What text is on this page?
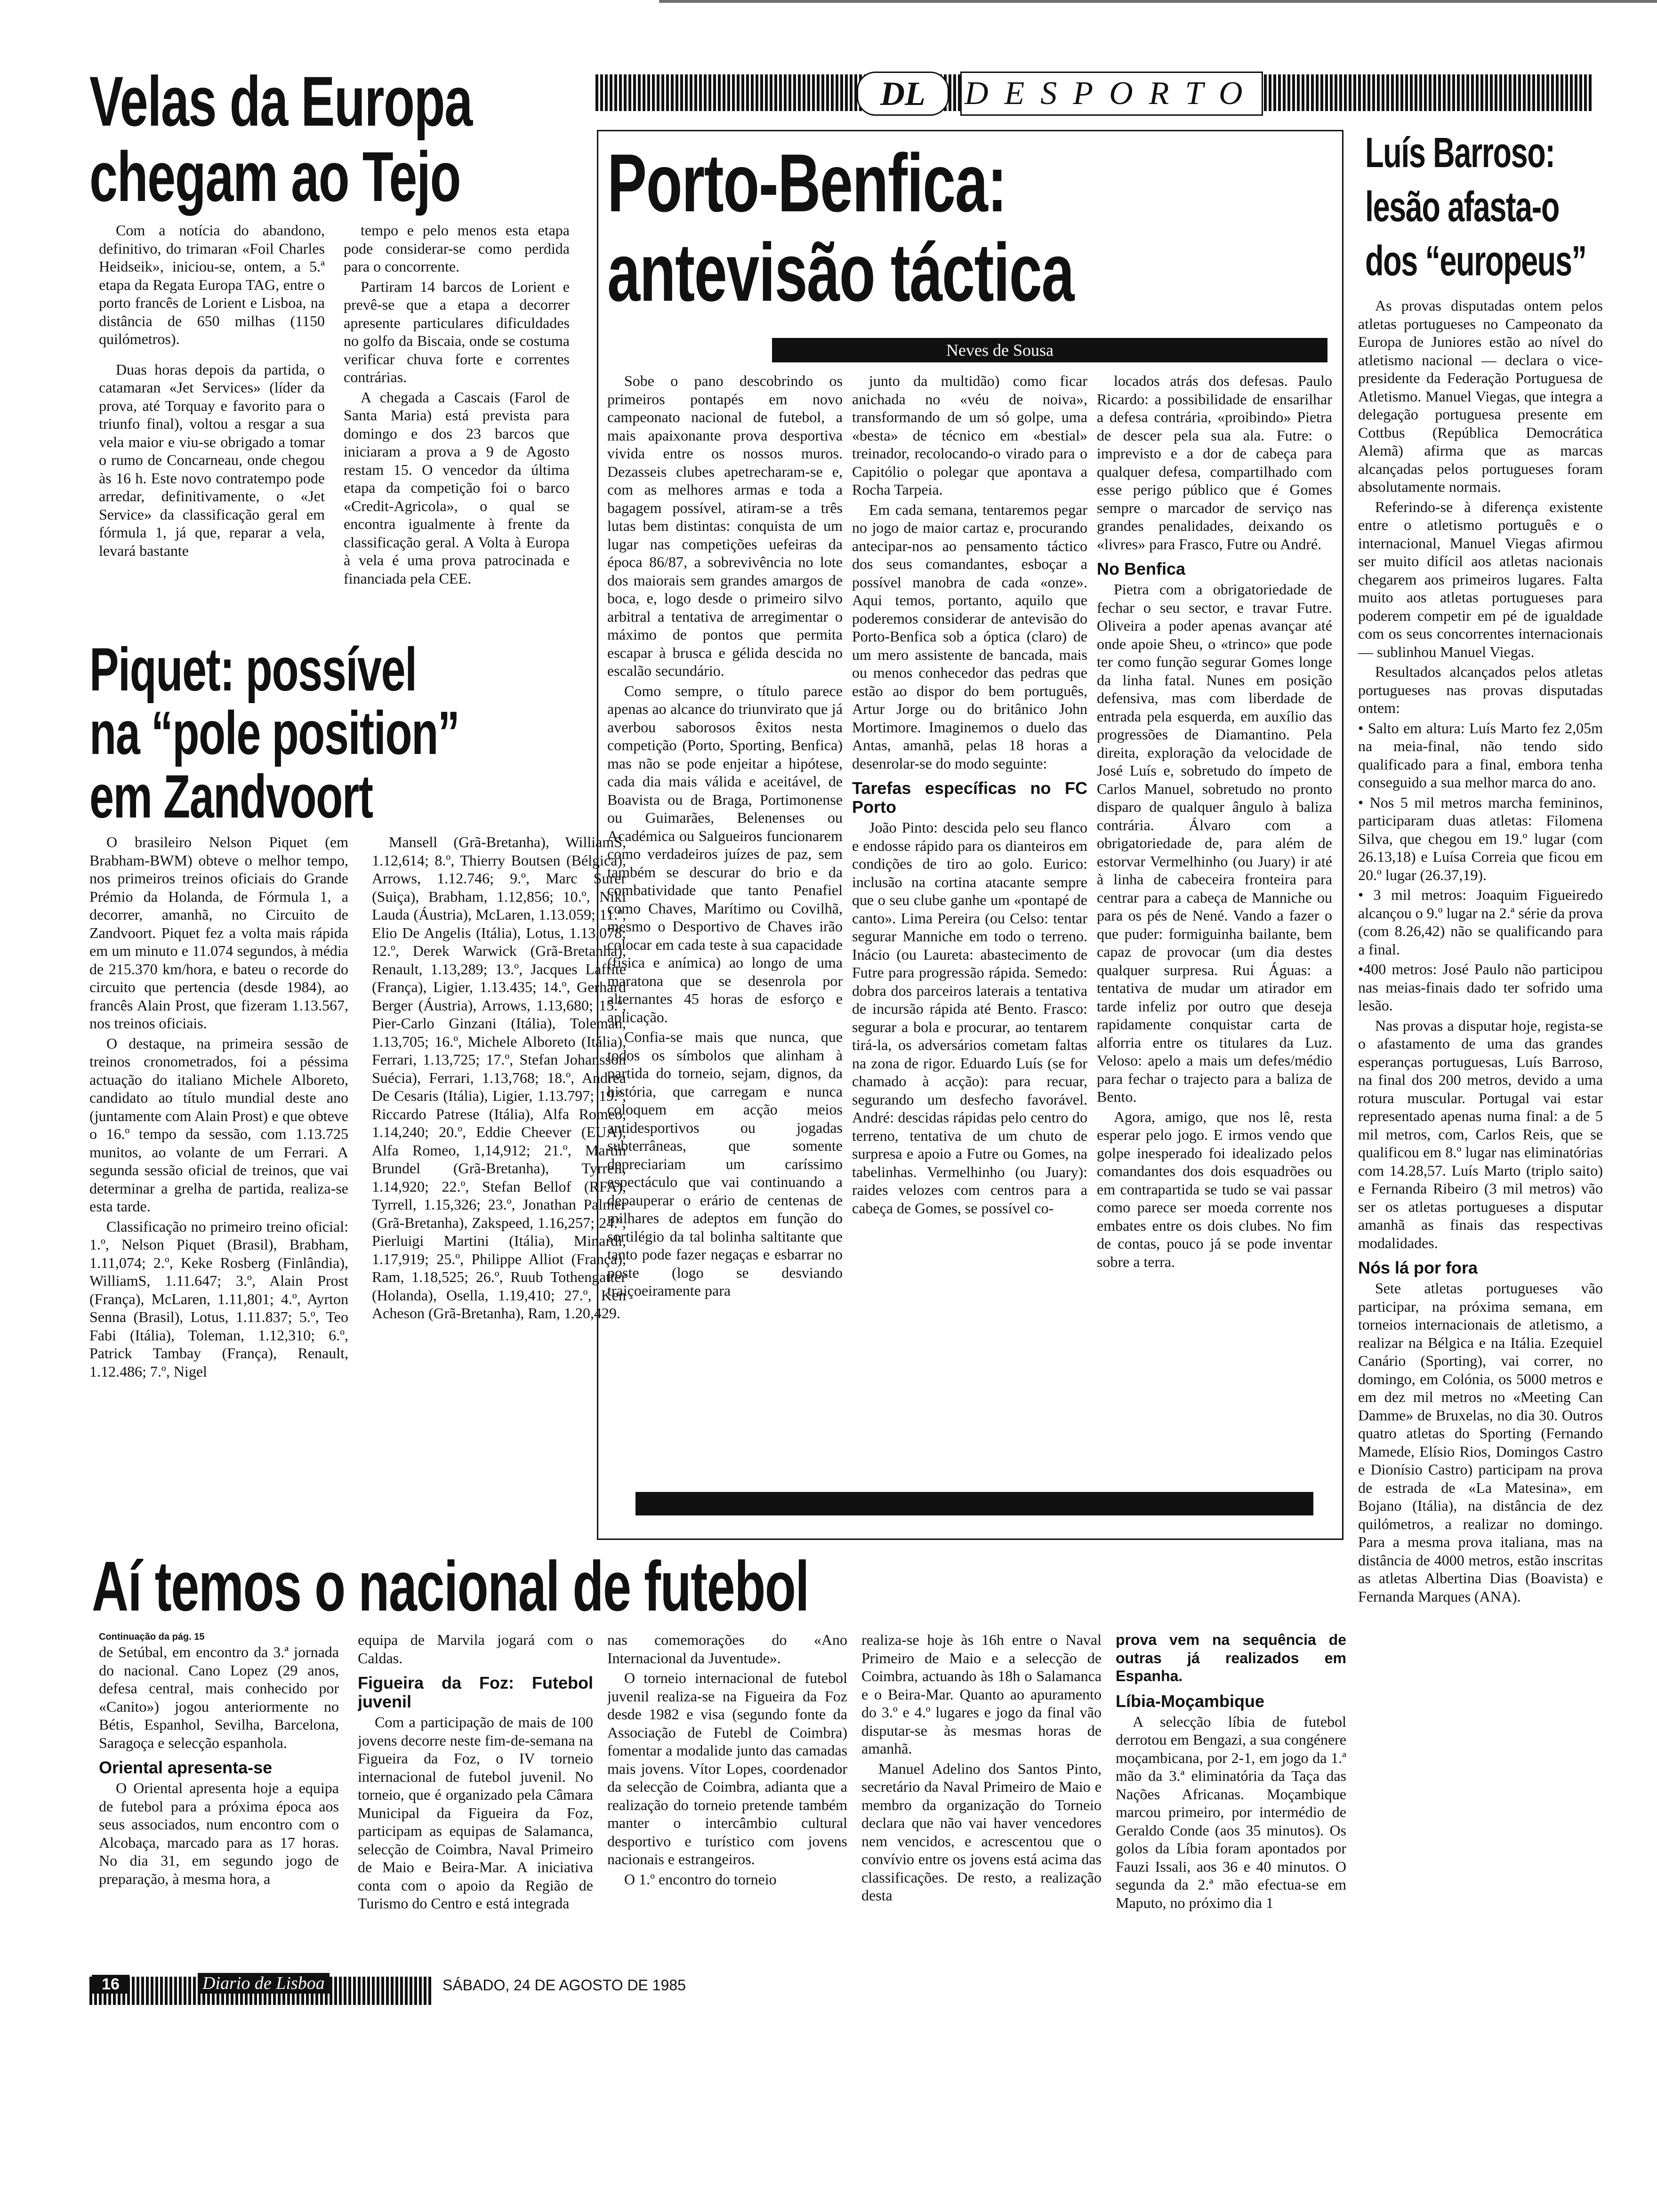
Velas da Europa
chegam ao Tejo

Com a notícia do abandono, definitivo, do trimaran «Foil Charles Heidseik», iniciou-se, ontem, a 5.ª etapa da Regata Europa TAG, entre o porto francês de Lorient e Lisboa, na distância de 650 milhas (1150 quilómetros).

Duas horas depois da partida, o catamaran «Jet Services» (líder da prova, até Torquay e favorito para o triunfo final), voltou a resgar a sua vela maior e viu-se obrigado a tomar o rumo de Concarneau, onde chegou às 16 h. Este novo contratempo pode arredar, definitivamente, o «Jet Service» da classificação geral em fórmula 1, já que, reparar a vela, levará bastante

tempo e pelo menos esta etapa pode considerar-se como perdida para o concorrente.

Partiram 14 barcos de Lorient e prevê-se que a etapa a decorrer apresente particulares dificuldades no golfo da Biscaia, onde se costuma verificar chuva forte e correntes contrárias.

A chegada a Cascais (Farol de Santa Maria) está prevista para domingo e dos 23 barcos que iniciaram a prova a 9 de Agosto restam 15. O vencedor da última etapa da competição foi o barco «Credit-Agricola», o qual se encontra igualmente à frente da classificação geral. A Volta à Europa à vela é uma prova patrocinada e financiada pela CEE.

Piquet: possível
na “pole position”
em Zandvoort

O brasileiro Nelson Piquet (em Brabham-BWM) obteve o melhor tempo, nos primeiros treinos oficiais do Grande Prémio da Holanda, de Fórmula 1, a decorrer, amanhã, no Circuito de Zandvoort. Piquet fez a volta mais rápida em um minuto e 11.074 segundos, à média de 215.370 km/hora, e bateu o recorde do circuito que pertencia (desde 1984), ao francês Alain Prost, que fizeram 1.13.567, nos treinos oficiais.

O destaque, na primeira sessão de treinos cronometrados, foi a péssima actuação do italiano Michele Alboreto, candidato ao título mundial deste ano (juntamente com Alain Prost) e que obteve o 16.º tempo da sessão, com 1.13.725 munitos, ao volante de um Ferrari. A segunda sessão oficial de treinos, que vai determinar a grelha de partida, realiza-se esta tarde.

Classificação no primeiro treino oficial: 1.º, Nelson Piquet (Brasil), Brabham, 1.11,074; 2.º, Keke Rosberg (Finlândia), WilliamS, 1.11.647; 3.º, Alain Prost (França), McLaren, 1.11,801; 4.º, Ayrton Senna (Brasil), Lotus, 1.11.837; 5.º, Teo Fabi (Itália), Toleman, 1.12,310; 6.º, Patrick Tambay (França), Renault, 1.12.486; 7.º, Nigel

Mansell (Grã-Bretanha), WilliamS, 1.12,614; 8.º, Thierry Boutsen (Bélgica), Arrows, 1.12.746; 9.º, Marc Surer (Suiça), Brabham, 1.12,856; 10.º, Niki Lauda (Áustria), McLaren, 1.13.059; 11.º, Elio De Angelis (Itália), Lotus, 1.13,078; 12.º, Derek Warwick (Grã-Bretanha), Renault, 1.13,289; 13.º, Jacques Laffite (França), Ligier, 1.13.435; 14.º, Gerhard Berger (Áustria), Arrows, 1.13,680; 15.º, Pier-Carlo Ginzani (Itália), Toleman, 1.13,705; 16.º, Michele Alboreto (Itália), Ferrari, 1.13,725; 17.º, Stefan Johansson Suécia), Ferrari, 1.13,768; 18.º, Andrea De Cesaris (Itália), Ligier, 1.13.797; 19.º, Riccardo Patrese (Itália), Alfa Romeo, 1.14,240; 20.º, Eddie Cheever (EUA), Alfa Romeo, 1,14,912; 21.º, Martin Brundel (Grã-Bretanha), Tyrrell, 1.14,920; 22.º, Stefan Bellof (RFA), Tyrrell, 1.15,326; 23.º, Jonathan Palmer (Grã-Bretanha), Zakspeed, 1.16,257; 24.º, Pierluigi Martini (Itália), Minardi, 1.17,919; 25.º, Philippe Alliot (França), Ram, 1.18,525; 26.º, Ruub Tothengatter (Holanda), Osella, 1.19,410; 27.º, Ken Acheson (Grã-Bretanha), Ram, 1.20,429.

DL	DESPORTO
Porto-Benfica:
antevisão táctica
Neves de Sousa

Sobe o pano descobrindo os primeiros pontapés em novo campeonato nacional de futebol, a mais apaixonante prova desportiva vivida entre os nossos muros. Dezasseis clubes apetrecharam-se e, com as melhores armas e toda a bagagem possível, atiram-se a três lutas bem distintas: conquista de um lugar nas competições uefeiras da época 86/87, a sobrevivência no lote dos maiorais sem grandes amargos de boca, e, logo desde o primeiro silvo arbitral a tentativa de arregimentar o máximo de pontos que permita escapar à brusca e gélida descida no escalão secundário.

Como sempre, o título parece apenas ao alcance do triunvirato que já averbou saborosos êxitos nesta competição (Porto, Sporting, Benfica) mas não se pode enjeitar a hipótese, cada dia mais válida e aceitável, de Boavista ou de Braga, Portimonense ou Guimarães, Belenenses ou Académica ou Salgueiros funcionarem como verdadeiros juízes de paz, sem também se descurar do brio e da combatividade que tanto Penafiel como Chaves, Marítimo ou Covilhã, mesmo o Desportivo de Chaves irão colocar em cada teste à sua capacidade (física e anímica) ao longo de uma maratona que se desenrola por alternantes 45 horas de esforço e aplicação.

Confia-se mais que nunca, que todos os símbolos que alinham à partida do torneio, sejam, dignos, da história, que carregam e nunca coloquem em acção meios antidesportivos ou jogadas subterrâneas, que somente depreciariam um caríssimo espectáculo que vai continuando a depauperar o erário de centenas de milhares de adeptos em função do sortilégio da tal bolinha saltitante que tanto pode fazer negaças e esbarrar no poste (logo se desviando traiçoeiramente para

junto da multidão) como ficar anichada no «véu de noiva», transformando de um só golpe, uma «besta» de técnico em «bestial» treinador, recolocando-o virado para o Capitólio o polegar que apontava a Rocha Tarpeia.

Em cada semana, tentaremos pegar no jogo de maior cartaz e, procurando antecipar-nos ao pensamento táctico dos seus comandantes, esboçar a possível manobra de cada «onze». Aqui temos, portanto, aquilo que poderemos considerar de antevisão do Porto-Benfica sob a óptica (claro) de um mero assistente de bancada, mais ou menos conhecedor das pedras que estão ao dispor do bem português, Artur Jorge ou do britânico John Mortimore. Imaginemos o duelo das Antas, amanhã, pelas 18 horas a desenrolar-se do modo seguinte:

Tarefas específicas no FC Porto

João Pinto: descida pelo seu flanco e endosse rápido para os dianteiros em condições de tiro ao golo. Eurico: inclusão na cortina atacante sempre que o seu clube ganhe um «pontapé de canto». Lima Pereira (ou Celso: tentar segurar Manniche em todo o terreno. Inácio (ou Laureta: abastecimento de Futre para progressão rápida. Semedo: dobra dos parceiros laterais a tentativa de incursão rápida até Bento. Frasco: segurar a bola e procurar, ao tentarem tirá-la, os adversários cometam faltas na zona de rigor. Eduardo Luís (se for chamado à acção): para recuar, segurando um desfecho favorável. André: descidas rápidas pelo centro do terreno, tentativa de um chuto de surpresa e apoio a Futre ou Gomes, na tabelinhas. Vermelhinho (ou Juary): raides velozes com centros para a cabeça de Gomes, se possível co-

locados atrás dos defesas. Paulo Ricardo: a possibilidade de ensarilhar a defesa contrária, «proibindo» Pietra de descer pela sua ala. Futre: o imprevisto e a dor de cabeça para qualquer defesa, compartilhado com esse perigo público que é Gomes sempre o marcador de serviço nas grandes penalidades, deixando os «livres» para Frasco, Futre ou André.

No Benfica

Pietra com a obrigatoriedade de fechar o seu sector, e travar Futre. Oliveira a poder apenas avançar até onde apoie Sheu, o «trinco» que pode ter como função segurar Gomes longe da linha fatal. Nunes em posição defensiva, mas com liberdade de entrada pela esquerda, em auxílio das progressões de Diamantino. Pela direita, exploração da velocidade de José Luís e, sobretudo do ímpeto de Carlos Manuel, sobretudo no pronto disparo de qualquer ângulo à baliza contrária. Álvaro com a obrigatoriedade de, para além de estorvar Vermelhinho (ou Juary) ir até à linha de cabeceira fronteira para centrar para a cabeça de Manniche ou para os pés de Nené. Vando a fazer o que puder: formiguinha bailante, bem capaz de provocar (um dia destes qualquer surpresa. Rui Águas: a tentativa de mudar um atirador em tarde infeliz por outro que deseja rapidamente conquistar carta de alforria entre os titulares da Luz. Veloso: apelo a mais um defes/médio para fechar o trajecto para a baliza de Bento.

Agora, amigo, que nos lê, resta esperar pelo jogo. E irmos vendo que golpe inesperado foi idealizado pelos comandantes dos dois esquadrões ou em contrapartida se tudo se vai passar como parece ser moeda corrente nos embates entre os dois clubes. No fim de contas, pouco já se pode inventar sobre a terra.

Luís Barroso:
lesão afasta-o
dos “europeus”

As provas disputadas ontem pelos atletas portugueses no Campeonato da Europa de Juniores estão ao nível do atletismo nacional — declara o vice-presidente da Federação Portuguesa de Atletismo. Manuel Viegas, que integra a delegação portuguesa presente em Cottbus (República Democrática Alemã) afirma que as marcas alcançadas pelos portugueses foram absolutamente normais.

Referindo-se à diferença existente entre o atletismo português e o internacional, Manuel Viegas afirmou ser muito difícil aos atletas nacionais chegarem aos primeiros lugares. Falta muito aos atletas portugueses para poderem competir em pé de igualdade com os seus concorrentes internacionais — sublinhou Manuel Viegas.

Resultados alcançados pelos atletas portugueses nas provas disputadas ontem:

• Salto em altura: Luís Marto fez 2,05m na meia-final, não tendo sido qualificado para a final, embora tenha conseguido a sua melhor marca do ano.

• Nos 5 mil metros marcha femininos, participaram duas atletas: Filomena Silva, que chegou em 19.º lugar (com 26.13,18) e Luísa Correia que ficou em 20.º lugar (26.37,19).

• 3 mil metros: Joaquim Figueiredo alcançou o 9.º lugar na 2.ª série da prova (com 8.26,42) não se qualificando para a final.

•400 metros: José Paulo não participou nas meias-finais dado ter sofrido uma lesão.

Nas provas a disputar hoje, regista-se o afastamento de uma das grandes esperanças portuguesas, Luís Barroso, na final dos 200 metros, devido a uma rotura muscular. Portugal vai estar representado apenas numa final: a de 5 mil metros, com, Carlos Reis, que se qualificou em 8.º lugar nas eliminatórias com 14.28,57. Luís Marto (triplo saito) e Fernanda Ribeiro (3 mil metros) vão ser os atletas portugueses a disputar amanhã as finais das respectivas modalidades.

Nós lá por fora

Sete atletas portugueses vão participar, na próxima semana, em torneios internacionais de atletismo, a realizar na Bélgica e na Itália. Ezequiel Canário (Sporting), vai correr, no domingo, em Colónia, os 5000 metros e em dez mil metros no «Meeting Can Damme» de Bruxelas, no dia 30. Outros quatro atletas do Sporting (Fernando Mamede, Elísio Rios, Domingos Castro e Dionísio Castro) participam na prova de estrada de «La Matesina», em Bojano (Itália), na distância de dez quilómetros, a realizar no domingo. Para a mesma prova italiana, mas na distância de 4000 metros, estão inscritas as atletas Albertina Dias (Boavista) e Fernanda Marques (ANA).

Aí temos o nacional de futebol
Continuação da pág. 15

de Setúbal, em encontro da 3.ª jornada do nacional. Cano Lopez (29 anos, defesa central, mais conhecido por «Canito») jogou anteriormente no Bétis, Espanhol, Sevilha, Barcelona, Saragoça e selecção espanhola.

Oriental apresenta-se

O Oriental apresenta hoje a equipa de futebol para a próxima época aos seus associados, num encontro com o Alcobaça, marcado para as 17 horas. No dia 31, em segundo jogo de preparação, à mesma hora, a

equipa de Marvila jogará com o Caldas.

Figueira da Foz: Futebol juvenil

Com a participação de mais de 100 jovens decorre neste fim-de-semana na Figueira da Foz, o IV torneio internacional de futebol juvenil. No torneio, que é organizado pela Câmara Municipal da Figueira da Foz, participam as equipas de Salamanca, selecção de Coimbra, Naval Primeiro de Maio e Beira-Mar. A iniciativa conta com o apoio da Região de Turismo do Centro e está integrada

nas comemorações do «Ano Internacional da Juventude».

O torneio internacional de futebol juvenil realiza-se na Figueira da Foz desde 1982 e visa (segundo fonte da Associação de Futebl de Coimbra) fomentar a modalide junto das camadas mais jovens. Vítor Lopes, coordenador da selecção de Coimbra, adianta que a realização do torneio pretende também manter o intercâmbio cultural desportivo e turístico com jovens nacionais e estrangeiros.

O 1.º encontro do torneio

realiza-se hoje às 16h entre o Naval Primeiro de Maio e a selecção de Coimbra, actuando às 18h o Salamanca e o Beira-Mar. Quanto ao apuramento do 3.º e 4.º lugares e jogo da final vão disputar-se às mesmas horas de amanhã.

Manuel Adelino dos Santos Pinto, secretário da Naval Primeiro de Maio e membro da organização do Torneio declara que não vai haver vencedores nem vencidos, e acrescentou que o convívio entre os jovens está acima das classificações. De resto, a realização desta

prova vem na sequência de outras já realizados em Espanha.

Líbia-Moçambique

A selecção líbia de futebol derrotou em Bengazi, a sua congénere moçambicana, por 2-1, em jogo da 1.ª mão da 3.ª eliminatória da Taça das Nações Africanas. Moçambique marcou primeiro, por intermédio de Geraldo Conde (aos 35 minutos). Os golos da Líbia foram apontados por Fauzi Issali, aos 36 e 40 minutos. O segunda da 2.ª mão efectua-se em Maputo, no próximo dia 1

16	Diario de Lisboa	SÁBADO, 24 DE AGOSTO DE 1985
